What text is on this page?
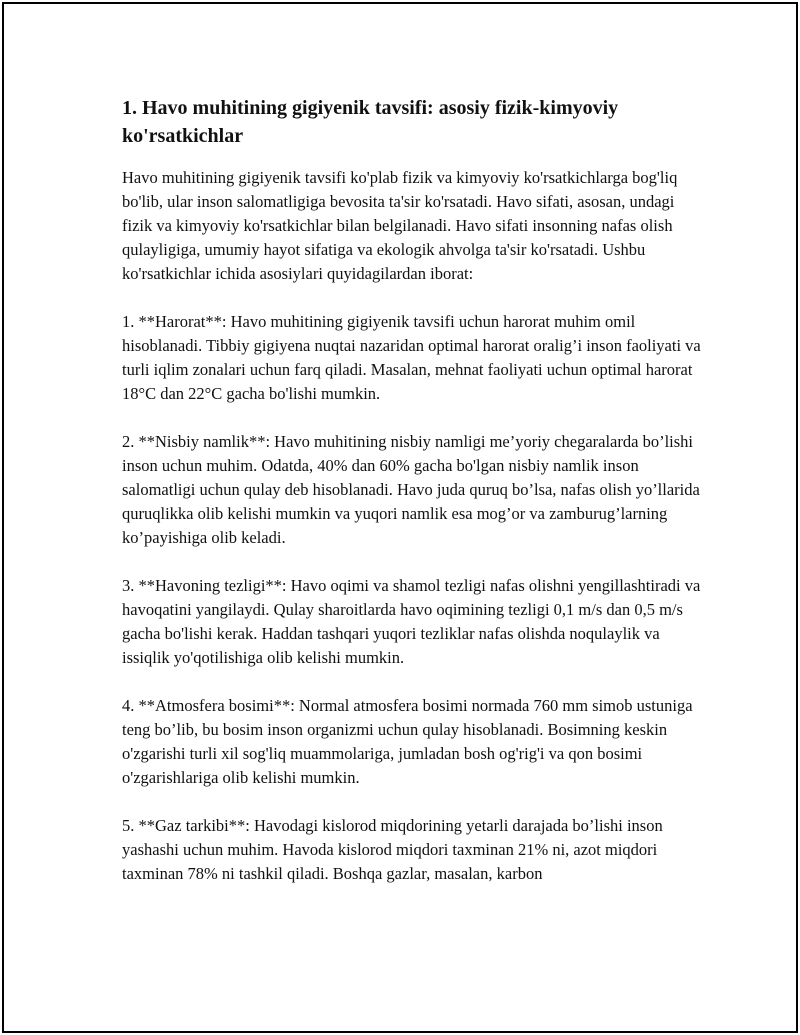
1. Havo muhitining gigiyenik tavsifi: asosiy fizik-kimyoviy ko'rsatkichlar

Havo muhitining gigiyenik tavsifi ko'plab fizik va kimyoviy ko'rsatkichlarga bog'liq bo'lib, ular inson salomatligiga bevosita ta'sir ko'rsatadi. Havo sifati, asosan, undagi fizik va kimyoviy ko'rsatkichlar bilan belgilanadi. Havo sifati insonning nafas olish qulayligiga, umumiy hayot sifatiga va ekologik ahvolga ta'sir ko'rsatadi. Ushbu ko'rsatkichlar ichida asosiylari quyidagilardan iborat:

1. **Harorat**: Havo muhitining gigiyenik tavsifi uchun harorat muhim omil hisoblanadi. Tibbiy gigiyena nuqtai nazaridan optimal harorat oralig’i inson faoliyati va turli iqlim zonalari uchun farq qiladi. Masalan, mehnat faoliyati uchun optimal harorat 18°C dan 22°C gacha bo'lishi mumkin.

2. **Nisbiy namlik**: Havo muhitining nisbiy namligi me’yoriy chegaralarda bo’lishi inson uchun muhim. Odatda, 40% dan 60% gacha bo'lgan nisbiy namlik inson salomatligi uchun qulay deb hisoblanadi. Havo juda quruq bo’lsa, nafas olish yo’llarida quruqlikka olib kelishi mumkin va yuqori namlik esa mog’or va zamburug’larning ko’payishiga olib keladi.

3. **Havoning tezligi**: Havo oqimi va shamol tezligi nafas olishni yengillashtiradi va havoqatini yangilaydi. Qulay sharoitlarda havo oqimining tezligi 0,1 m/s dan 0,5 m/s gacha bo'lishi kerak. Haddan tashqari yuqori tezliklar nafas olishda noqulaylik va issiqlik yo'qotilishiga olib kelishi mumkin.

4. **Atmosfera bosimi**: Normal atmosfera bosimi normada 760 mm simob ustuniga teng bo’lib, bu bosim inson organizmi uchun qulay hisoblanadi. Bosimning keskin o'zgarishi turli xil sog'liq muammolariga, jumladan bosh og'rig'i va qon bosimi o'zgarishlariga olib kelishi mumkin.

5. **Gaz tarkibi**: Havodagi kislorod miqdorining yetarli darajada bo’lishi inson yashashi uchun muhim. Havoda kislorod miqdori taxminan 21% ni, azot miqdori taxminan 78% ni tashkil qiladi. Boshqa gazlar, masalan, karbon
